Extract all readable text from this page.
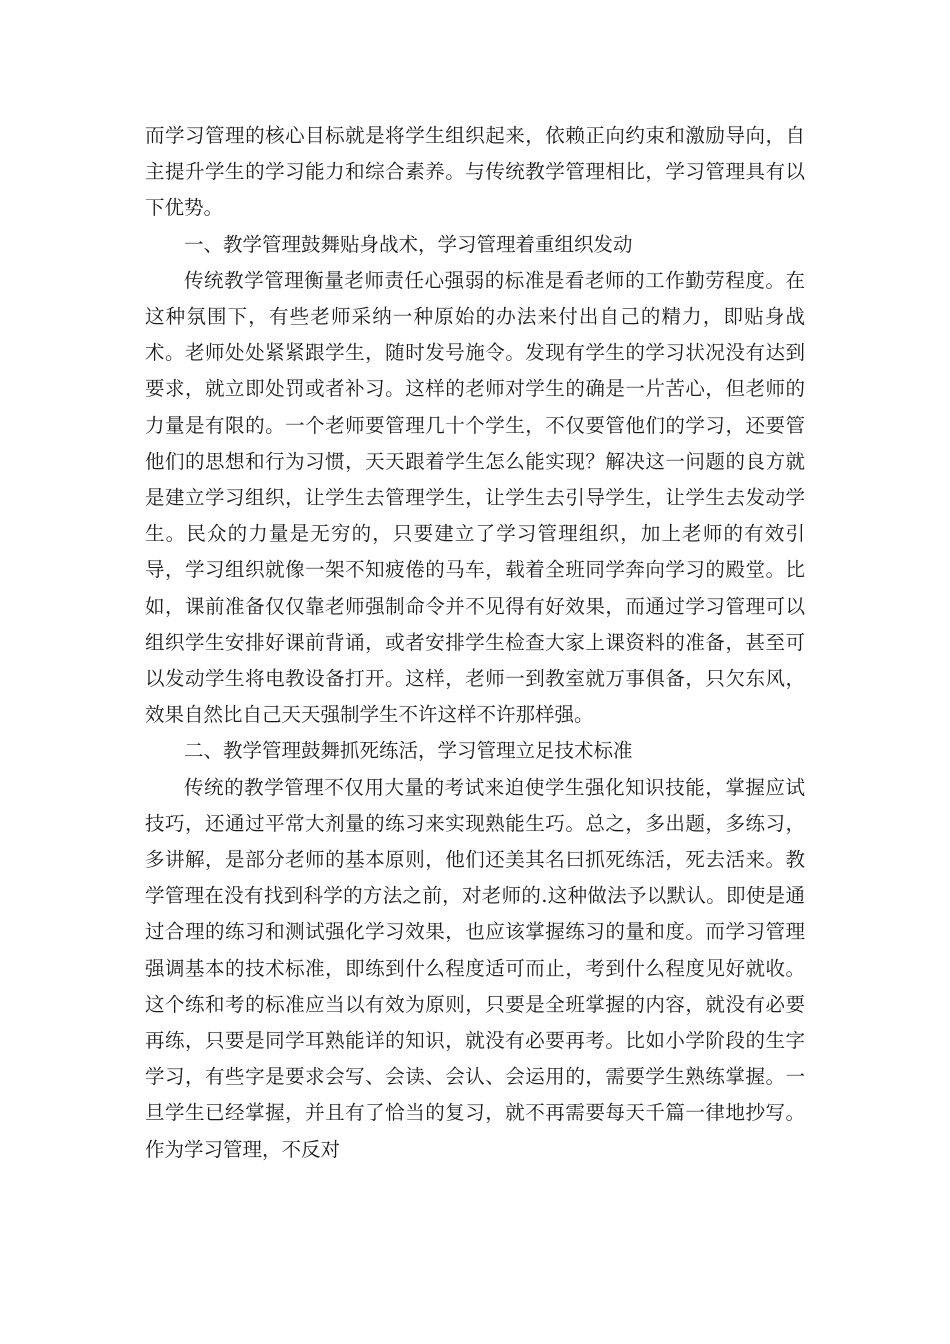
而学习管理的核心目标就是将学生组织起来，依赖正向约束和激励导向，自主提升学生的学习能力和综合素养。与传统教学管理相比，学习管理具有以下优势。

一、教学管理鼓舞贴身战术，学习管理着重组织发动

传统教学管理衡量老师责任心强弱的标准是看老师的工作勤劳程度。在这种氛围下，有些老师采纳一种原始的办法来付出自己的精力，即贴身战术。老师处处紧紧跟学生，随时发号施令。发现有学生的学习状况没有达到要求，就立即处罚或者补习。这样的老师对学生的确是一片苦心，但老师的力量是有限的。一个老师要管理几十个学生，不仅要管他们的学习，还要管他们的思想和行为习惯，天天跟着学生怎么能实现？解决这一问题的良方就是建立学习组织，让学生去管理学生，让学生去引导学生，让学生去发动学生。民众的力量是无穷的，只要建立了学习管理组织，加上老师的有效引导，学习组织就像一架不知疲倦的马车，载着全班同学奔向学习的殿堂。比如，课前准备仅仅靠老师强制命令并不见得有好效果，而通过学习管理可以组织学生安排好课前背诵，或者安排学生检查大家上课资料的准备，甚至可以发动学生将电教设备打开。这样，老师一到教室就万事俱备，只欠东风，效果自然比自己天天强制学生不许这样不许那样强。

二、教学管理鼓舞抓死练活，学习管理立足技术标准

传统的教学管理不仅用大量的考试来迫使学生强化知识技能，掌握应试技巧，还通过平常大剂量的练习来实现熟能生巧。总之，多出题，多练习，多讲解，是部分老师的基本原则，他们还美其名曰抓死练活，死去活来。教学管理在没有找到科学的方法之前，对老师的.这种做法予以默认。即使是通过合理的练习和测试强化学习效果，也应该掌握练习的量和度。而学习管理强调基本的技术标准，即练到什么程度适可而止，考到什么程度见好就收。这个练和考的标准应当以有效为原则，只要是全班掌握的内容，就没有必要再练，只要是同学耳熟能详的知识，就没有必要再考。比如小学阶段的生字学习，有些字是要求会写、会读、会认、会运用的，需要学生熟练掌握。一旦学生已经掌握，并且有了恰当的复习，就不再需要每天千篇一律地抄写。作为学习管理，不反对
